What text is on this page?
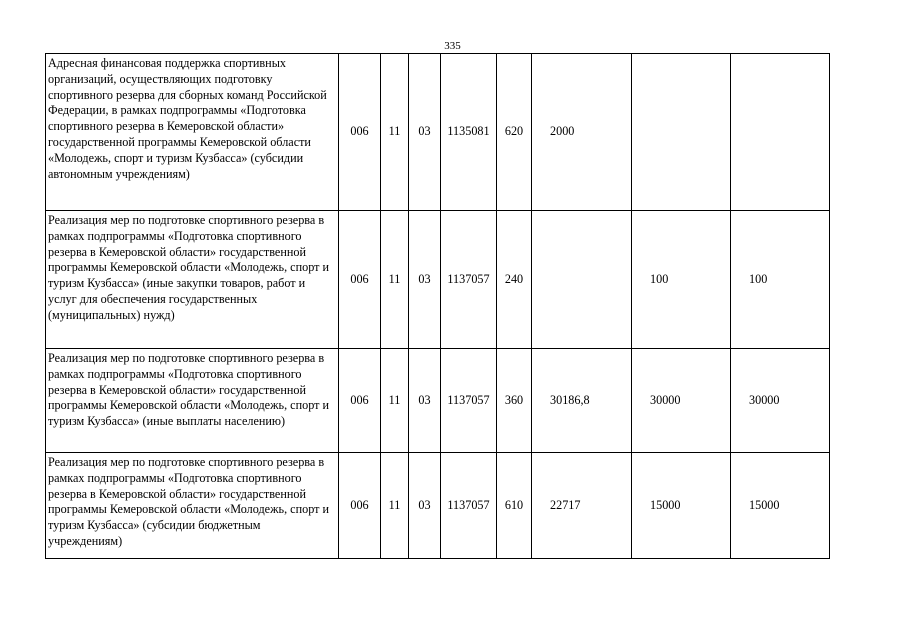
335
Адресная финансовая поддержка спортивных организаций, осуществляющих подготовку спортивного резерва для сборных команд Российской Федерации, в рамках подпрограммы «Подготовка спортивного резерва в Кемеровской области» государственной программы Кемеровской области «Молодежь, спорт и туризм Кузбасса» (субсидии автономным учреждениям)	006	11	03	1135081	620	2000		
Реализация мер по подготовке спортивного резерва в рамках подпрограммы «Подготовка спортивного резерва в Кемеровской области» государственной программы Кемеровской области «Молодежь, спорт и туризм Кузбасса» (иные закупки товаров, работ и услуг для обеспечения государственных (муниципальных) нужд)	006	11	03	1137057	240		100	100
Реализация мер по подготовке спортивного резерва в рамках подпрограммы «Подготовка спортивного резерва в Кемеровской области» государственной программы Кемеровской области «Молодежь, спорт и туризм Кузбасса» (иные выплаты населению)	006	11	03	1137057	360	30186,8	30000	30000
Реализация мер по подготовке спортивного резерва в рамках подпрограммы «Подготовка спортивного резерва в Кемеровской области» государственной программы Кемеровской области «Молодежь, спорт и туризм Кузбасса» (субсидии бюджетным учреждениям)	006	11	03	1137057	610	22717	15000	15000
